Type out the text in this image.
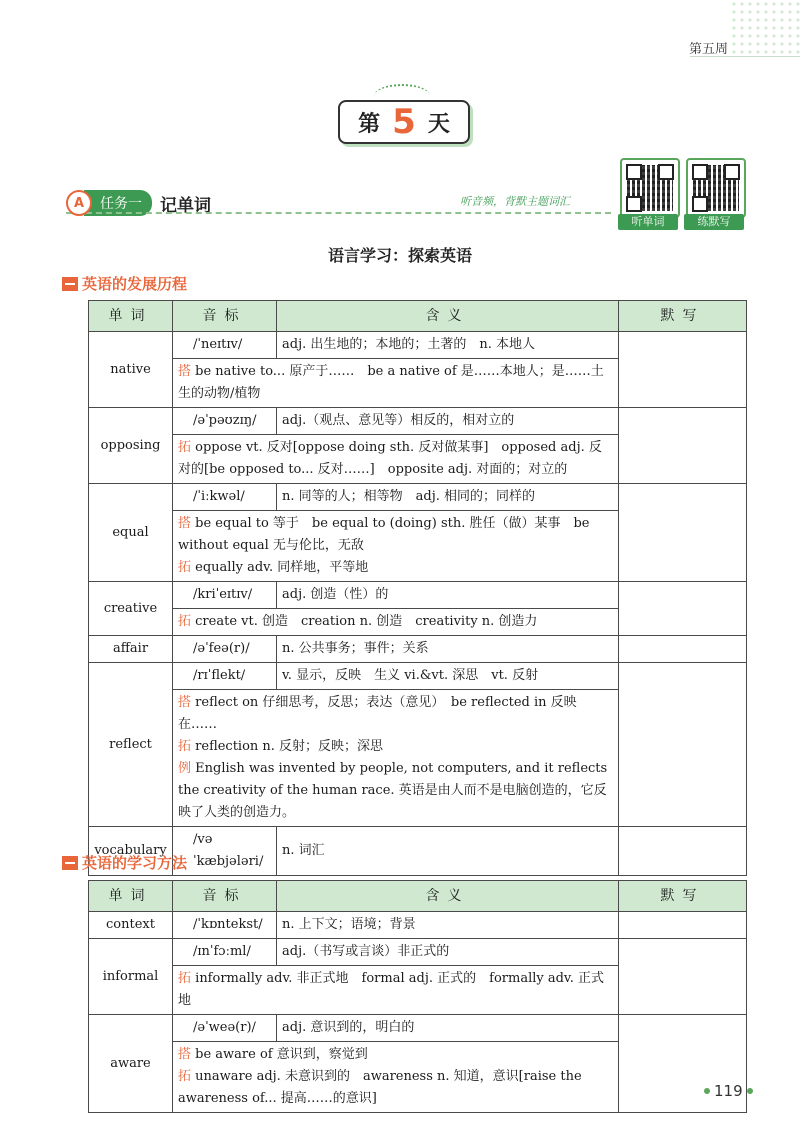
第五周
第 5 天
A	任务一	记单词	听音频，背默主题词汇
听单词	练默写
语言学习：探索英语
英语的发展历程
单词	音标	含义	默写
native	/ˈneɪtɪv/	adj. 出生地的；本地的；土著的　n. 本地人	

	搭 be native to... 原产于……　be a native of 是……本地人；是……土生的动物/植物		

opposing	/əˈpəʊzɪŋ/	adj.（观点、意见等）相反的，相对立的	

	拓 oppose vt. 反对[oppose doing sth. 反对做某事]　opposed adj. 反对的[be opposed to... 反对……]　opposite adj. 对面的；对立的		

equal	/ˈiːkwəl/	n. 同等的人；相等物　adj. 相同的；同样的	

	搭 be equal to 等于　be equal to (doing) sth. 胜任（做）某事　be without equal 无与伦比，无敌
拓 equally adv. 同样地，平等地		

creative	/kriˈeɪtɪv/	adj. 创造（性）的	

	拓 create vt. 创造　creation n. 创造　creativity n. 创造力		

affair	/əˈfeə(r)/	n. 公共事务；事件；关系	
reflect	/rɪˈflekt/	v. 显示，反映　生义 vi.&vt. 深思　vt. 反射	

	搭 reflect on 仔细思考，反思；表达（意见）　be reflected in 反映在……
拓 reflection n. 反射；反映；深思
例 English was invented by people, not computers, and it reflects the creativity of the human race. 英语是由人而不是电脑创造的，它反映了人类的创造力。		

vocabulary	/vəˈkæbjələri/	n. 词汇	
英语的学习方法
单词	音标	含义	默写
context	/ˈkɒntekst/	n. 上下文；语境；背景	
informal	/ɪnˈfɔːml/	adj.（书写或言谈）非正式的	

	拓 informally adv. 非正式地　formal adj. 正式的　formally adv. 正式地		

aware	/əˈweə(r)/	adj. 意识到的，明白的	

	搭 be aware of 意识到，察觉到
拓 unaware adj. 未意识到的　awareness n. 知道，意识[raise the awareness of... 提高……的意识]			119
